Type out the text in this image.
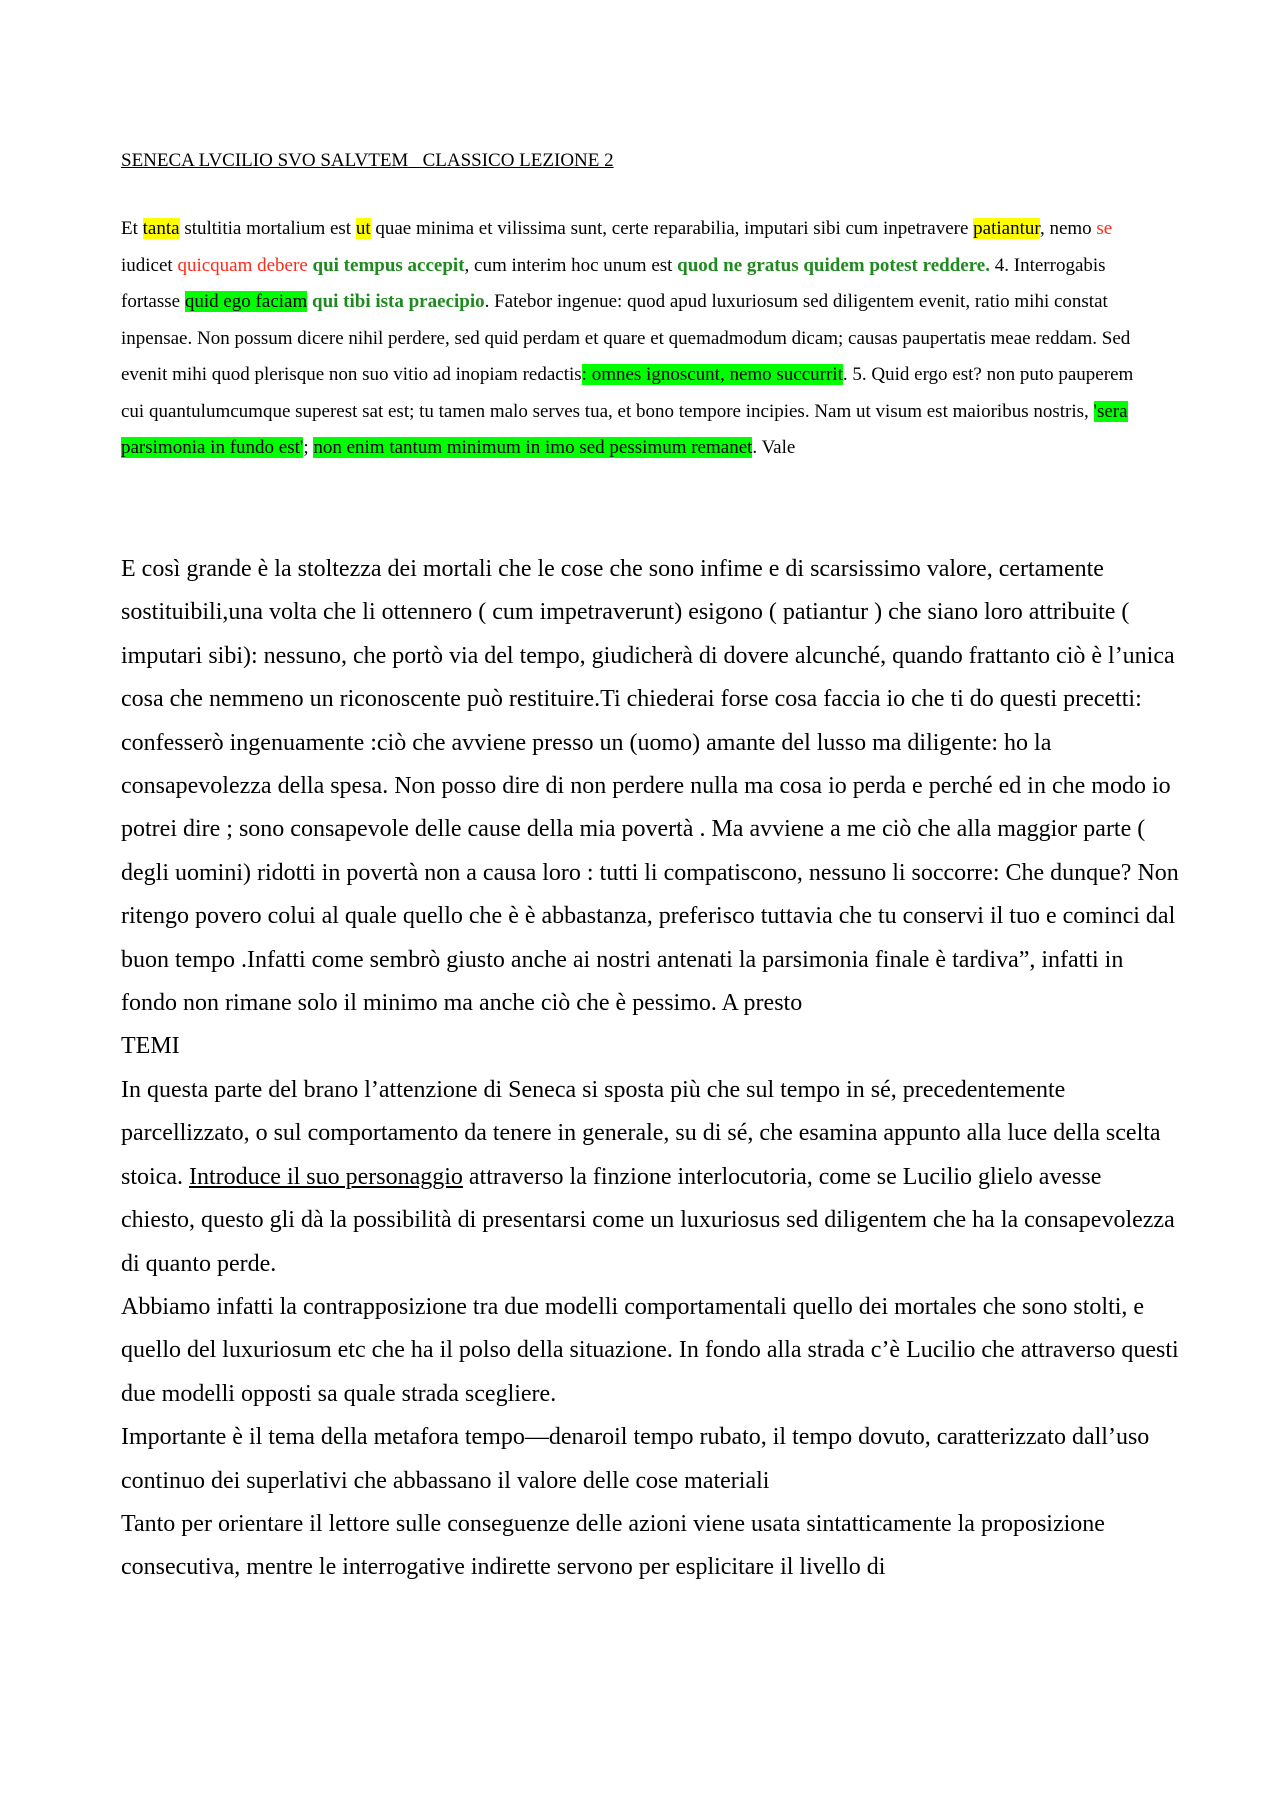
SENECA LVCILIO SVO SALVTEM   CLASSICO LEZIONE 2

Et tanta stultitia mortalium est ut quae minima et vilissima sunt, certe reparabilia, imputari sibi cum inpetravere patiantur, nemo se iudicet quicquam debere qui tempus accepit, cum interim hoc unum est quod ne gratus quidem potest reddere. 4. Interrogabis fortasse quid ego faciam qui tibi ista praecipio. Fatebor ingenue: quod apud luxuriosum sed diligentem evenit, ratio mihi constat inpensae. Non possum dicere nihil perdere, sed quid perdam et quare et quemadmodum dicam; causas paupertatis meae reddam. Sed evenit mihi quod plerisque non suo vitio ad inopiam redactis: omnes ignoscunt, nemo succurrit. 5. Quid ergo est? non puto pauperem cui quantulumcumque superest sat est; tu tamen malo serves tua, et bono tempore incipies. Nam ut visum est maioribus nostris, 'sera parsimonia in fundo est'; non enim tantum minimum in imo sed pessimum remanet. Vale

E così grande è la stoltezza dei mortali che le cose che sono infime e di scarsissimo valore, certamente sostituibili,una volta che li ottennero ( cum impetraverunt) esigono ( patiantur ) che siano loro attribuite ( imputari sibi): nessuno, che portò via del tempo, giudicherà di dovere alcunché, quando frattanto ciò è l’unica cosa che nemmeno un riconoscente può restituire.Ti chiederai forse cosa faccia io che ti do questi precetti: confesserò ingenuamente :ciò che avviene presso un (uomo) amante del lusso ma diligente: ho la consapevolezza della spesa. Non posso dire di non perdere nulla ma cosa io perda e perché ed in che modo io potrei dire ; sono consapevole delle cause della mia povertà . Ma avviene a me ciò che alla maggior parte ( degli uomini) ridotti in povertà non a causa loro : tutti li compatiscono, nessuno li soccorre: Che dunque? Non ritengo povero colui al quale quello che è è abbastanza, preferisco tuttavia che tu conservi il tuo e cominci dal buon tempo .Infatti come sembrò giusto anche ai nostri antenati la parsimonia finale è tardiva”, infatti in fondo non rimane solo il minimo ma anche ciò che è pessimo. A presto

TEMI

In questa parte del brano l’attenzione di Seneca si sposta più che sul tempo in sé, precedentemente parcellizzato, o sul comportamento da tenere in generale, su di sé, che esamina appunto alla luce della scelta stoica. Introduce il suo personaggio attraverso la finzione interlocutoria, come se Lucilio glielo avesse chiesto, questo gli dà la possibilità di presentarsi come un luxuriosus sed diligentem che ha la consapevolezza di quanto perde.

Abbiamo infatti la contrapposizione tra due modelli comportamentali quello dei mortales che sono stolti, e quello del luxuriosum etc che ha il polso della situazione. In fondo alla strada c’è Lucilio che attraverso questi due modelli opposti sa quale strada scegliere.

Importante è il tema della metafora tempo—denaroil tempo rubato, il tempo dovuto, caratterizzato dall’uso continuo dei superlativi che abbassano il valore delle cose materiali

Tanto per orientare il lettore sulle conseguenze delle azioni viene usata sintatticamente la proposizione consecutiva, mentre le interrogative indirette servono per esplicitare il livello di
